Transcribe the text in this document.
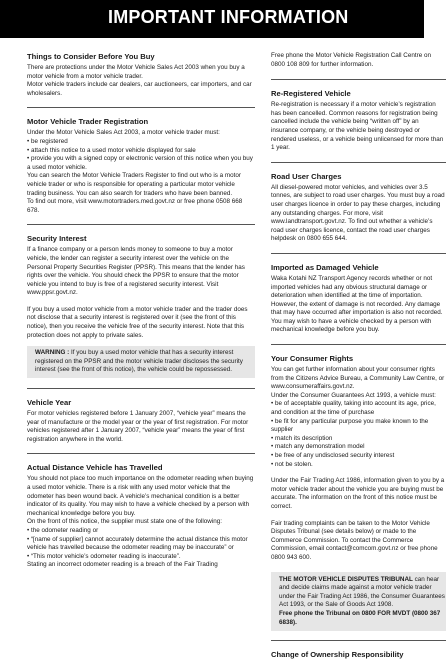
IMPORTANT INFORMATION

Things to Consider Before You Buy

There are protections under the Motor Vehicle Sales Act 2003 when you buy a motor vehicle from a motor vehicle trader.
Motor vehicle traders include car dealers, car auctioneers, car importers, and car wholesalers.

Motor Vehicle Trader Registration

Under the Motor Vehicle Sales Act 2003, a motor vehicle trader must:
• be registered
• attach this notice to a used motor vehicle displayed for sale
• provide you with a signed copy or electronic version of this notice when you buy a used motor vehicle.
You can search the Motor Vehicle Traders Register to find out who is a motor vehicle trader or who is responsible for operating a particular motor vehicle trading business. You can also search for traders who have been banned.
To find out more, visit www.motortraders.med.govt.nz or free phone 0508 668 678.

Security Interest

If a finance company or a person lends money to someone to buy a motor vehicle, the lender can register a security interest over the vehicle on the Personal Property Securities Register (PPSR). This means that the lender has rights over the vehicle. You should check the PPSR to ensure that the motor vehicle you intend to buy is free of a registered security interest. Visit www.ppsr.govt.nz.

If you buy a used motor vehicle from a motor vehicle trader and the trader does not disclose that a security interest is registered over it (see the front of this notice), then you receive the vehicle free of the security interest. Note that this protection does not apply to private sales.

WARNING : If you buy a used motor vehicle that has a security interest registered on the PPSR and the motor vehicle trader discloses the security interest (see the front of this notice), the vehicle could be repossessed.

Vehicle Year

For motor vehicles registered before 1 January 2007, “vehicle year” means the year of manufacture or the model year or the year of first registration. For motor vehicles registered after 1 January 2007, “vehicle year” means the year of first registration anywhere in the world.

Actual Distance Vehicle has Travelled

You should not place too much importance on the odometer reading when buying a used motor vehicle. There is a risk with any used motor vehicle that the odometer has been wound back. A vehicle’s mechanical condition is a better indicator of its quality. You may wish to have a vehicle checked by a person with mechanical knowledge before you buy.
On the front of this notice, the supplier must state one of the following:
• the odometer reading or
• “[name of supplier] cannot accurately determine the actual distance this motor vehicle has travelled because the odometer reading may be inaccurate” or
• “This motor vehicle’s odometer reading is inaccurate”.
Stating an incorrect odometer reading is a breach of the Fair Trading

Free phone the Motor Vehicle Registration Call Centre on 0800 108 809 for further information.

Re-Registered Vehicle

Re-registration is necessary if a motor vehicle’s registration has been cancelled. Common reasons for registration being cancelled include the vehicle being “written off” by an insurance company, or the vehicle being destroyed or rendered useless, or a vehicle being unlicensed for more than 1 year.

Road User Charges

All diesel-powered motor vehicles, and vehicles over 3.5 tonnes, are subject to road user charges. You must buy a road user charges licence in order to pay these charges, including any outstanding charges. For more, visit www.landtransport.govt.nz. To find out whether a vehicle’s road user charges licence, contact the road user charges helpdesk on 0800 655 644.

Imported as Damaged Vehicle

Waka Kotahi NZ Transport Agency records whether or not imported vehicles had any obvious structural damage or deterioration when identified at the time of importation. However, the extent of damage is not recorded. Any damage that may have occurred after importation is also not recorded. You may wish to have a vehicle checked by a person with mechanical knowledge before you buy.

Your Consumer Rights

You can get further information about your consumer rights from the Citizens Advice Bureau, a Community Law Centre, or www.consumeraffairs.govt.nz.
Under the Consumer Guarantees Act 1993, a vehicle must:
• be of acceptable quality, taking into account its age, price, and condition at the time of purchase
• be fit for any particular purpose you make known to the supplier
• match its description
• match any demonstration model
• be free of any undisclosed security interest
• not be stolen.

Under the Fair Trading Act 1986, information given to you by a motor vehicle trader about the vehicle you are buying must be accurate. The information on the front of this notice must be correct.

Fair trading complaints can be taken to the Motor Vehicle Disputes Tribunal (see details below) or made to the Commerce Commission. To contact the Commerce Commission, email contact@comcom.govt.nz or free phone 0800 943 600.

THE MOTOR VEHICLE DISPUTES TRIBUNAL can hear and decide claims made against a motor vehicle trader under the Fair Trading Act 1986, the Consumer Guarantees Act 1993, or the Sale of Goods Act 1908.

Free phone the Tribunal on 0800 FOR MVDT (0800 367 6838).

Change of Ownership Responsibility
